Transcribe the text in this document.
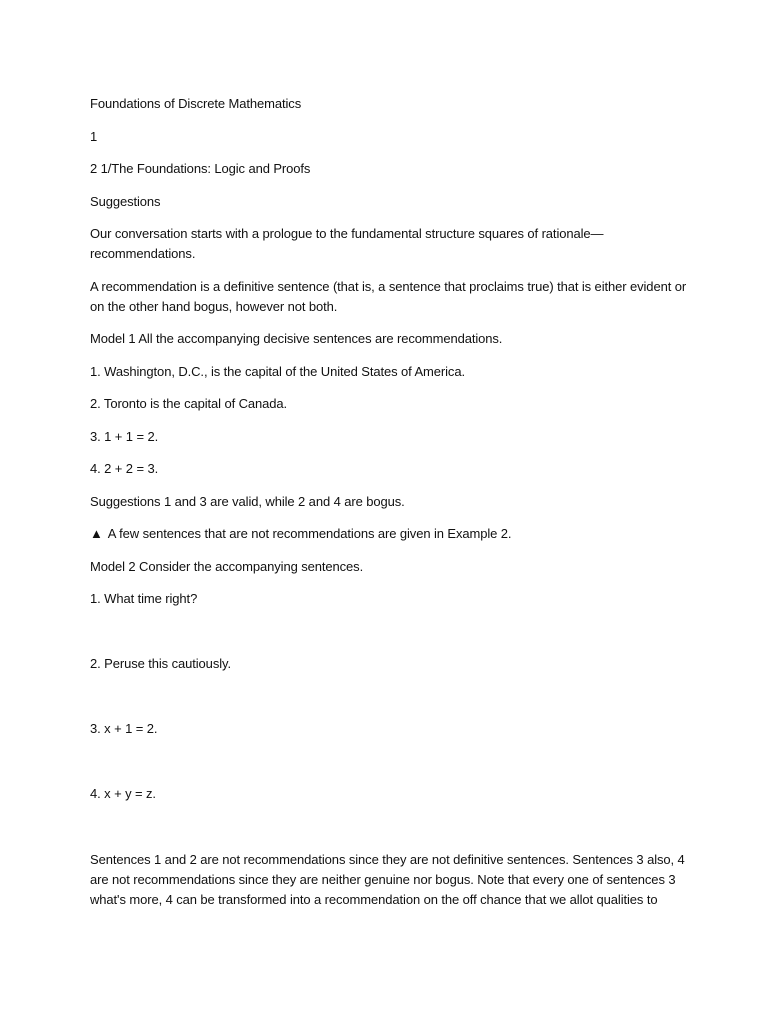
Foundations of Discrete Mathematics

1

2 1/The Foundations: Logic and Proofs

Suggestions

Our conversation starts with a prologue to the fundamental structure squares of rationale—recommendations.

A recommendation is a definitive sentence (that is, a sentence that proclaims true) that is either evident or on the other hand bogus, however not both.

Model 1 All the accompanying decisive sentences are recommendations.

1. Washington, D.C., is the capital of the United States of America.

2. Toronto is the capital of Canada.

3. 1 + 1 = 2.

4. 2 + 2 = 3.

Suggestions 1 and 3 are valid, while 2 and 4 are bogus.

▲ A few sentences that are not recommendations are given in Example 2.

Model 2 Consider the accompanying sentences.

1. What time right?

2. Peruse this cautiously.

3. x + 1 = 2.

4. x + y = z.

Sentences 1 and 2 are not recommendations since they are not definitive sentences. Sentences 3 also, 4 are not recommendations since they are neither genuine nor bogus. Note that every one of sentences 3 what's more, 4 can be transformed into a recommendation on the off chance that we allot qualities to
